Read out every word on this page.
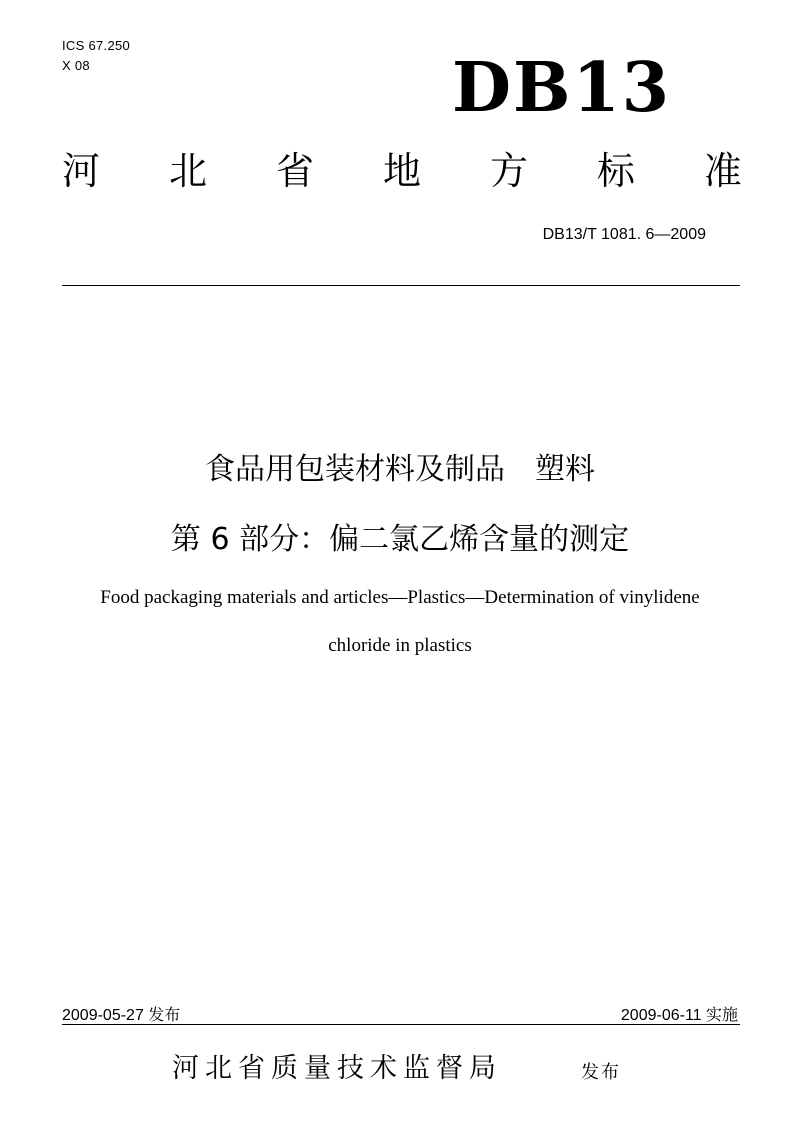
ICS 67.250
X 08	DB13
河 北 省 地 方 标 准
DB13/T 1081. 6—2009
食品用包装材料及制品　塑料
第 6 部分：偏二氯乙烯含量的测定
Food packaging materials and articles—Plastics—Determination of vinylidene
chloride in plastics
2009-05-27 发布	2009-06-11 实施
河北省质量技术监督局	发布
